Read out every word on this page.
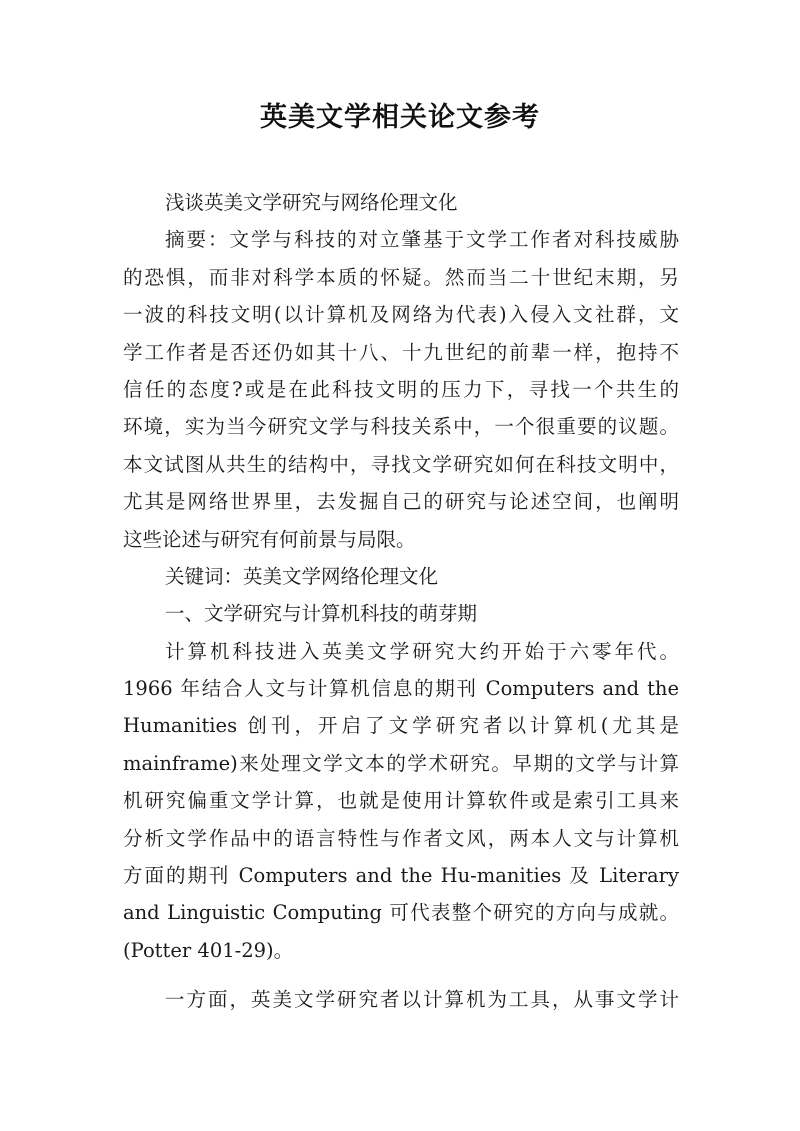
英美文学相关论文参考
浅谈英美文学研究与网络伦理文化
摘要：文学与科技的对立肇基于文学工作者对科技威胁
的恐惧，而非对科学本质的怀疑。然而当二十世纪末期，另
一波的科技文明(以计算机及网络为代表)入侵入文社群，文
学工作者是否还仍如其十八、十九世纪的前辈一样，抱持不
信任的态度?或是在此科技文明的压力下，寻找一个共生的
环境，实为当今研究文学与科技关系中，一个很重要的议题。
本文试图从共生的结构中，寻找文学研究如何在科技文明中，
尤其是网络世界里，去发掘自己的研究与论述空间，也阐明
这些论述与研究有何前景与局限。
关键词：英美文学网络伦理文化
一、文学研究与计算机科技的萌芽期
计算机科技进入英美文学研究大约开始于六零年代。
1966 年结合人文与计算机信息的期刊 Computers and the
Humanities 创刊，开启了文学研究者以计算机(尤其是
mainframe)来处理文学文本的学术研究。早期的文学与计算
机研究偏重文学计算，也就是使用计算软件或是索引工具来
分析文学作品中的语言特性与作者文风，两本人文与计算机
方面的期刊 Computers and the Hu-manities 及 Literary
and Linguistic Computing 可代表整个研究的方向与成就。
(Potter 401-29)。
一方面，英美文学研究者以计算机为工具，从事文学计
